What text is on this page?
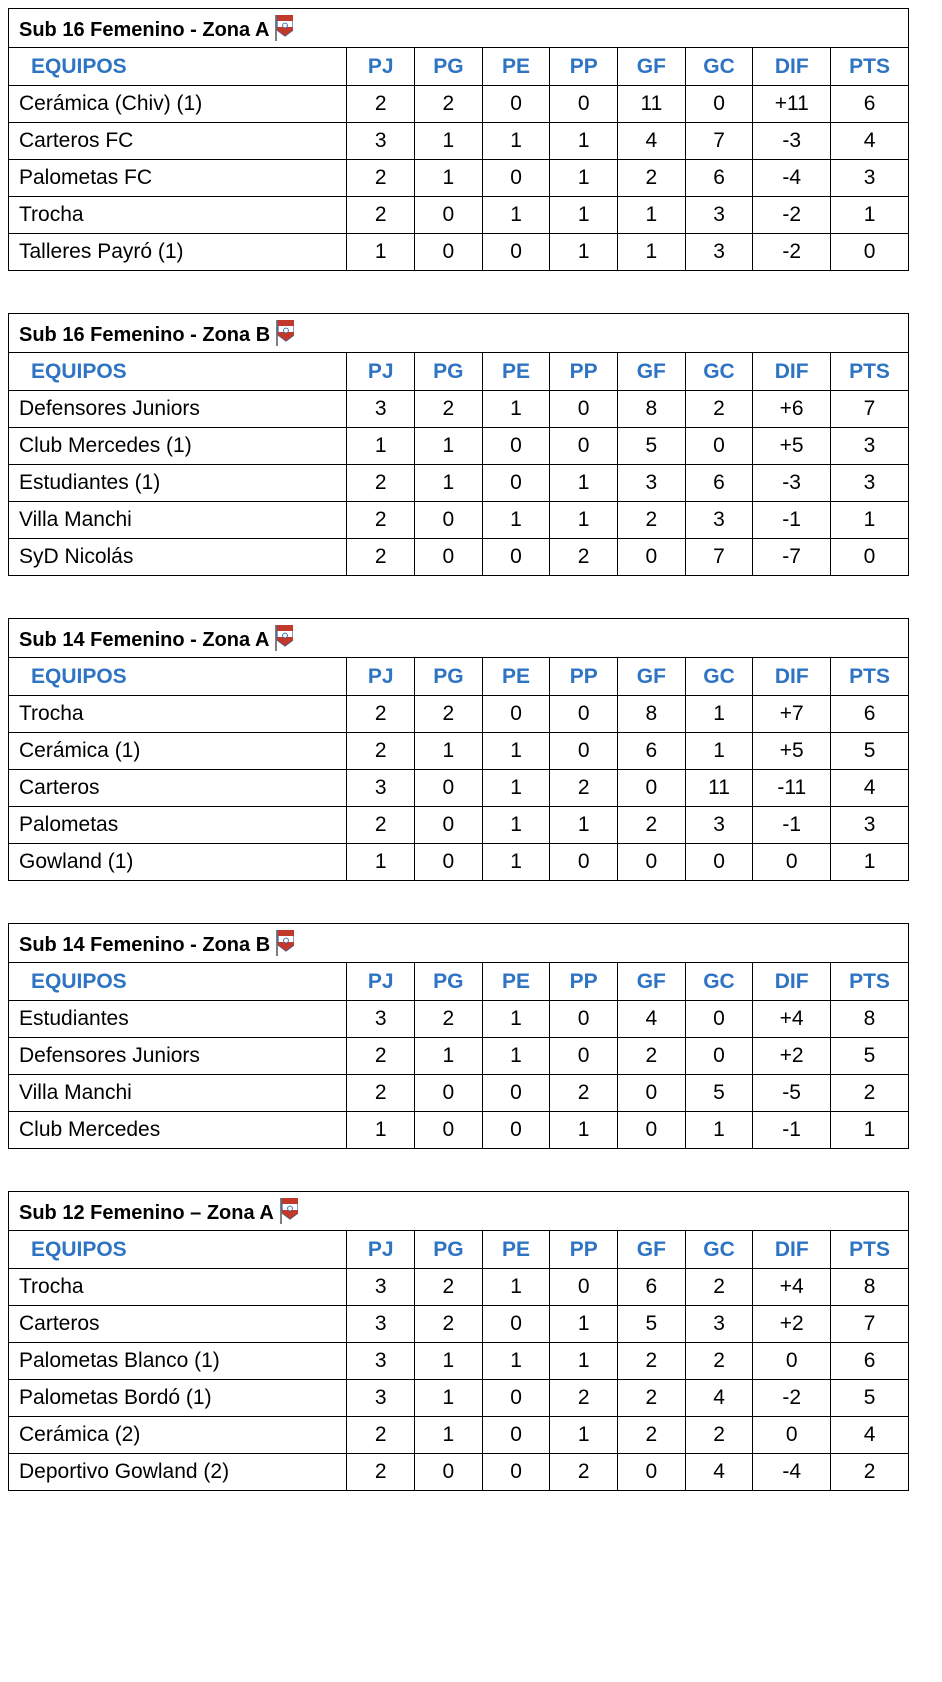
Sub 16 Femenino - Zona A								

EQUIPOS	PJ	PG	PE	PP	GF	GC	DIF	PTS
Cerámica (Chiv) (1)	2	2	0	0	11	0	+11	6
Carteros FC	3	1	1	1	4	7	-3	4
Palometas FC	2	1	0	1	2	6	-4	3
Trocha	2	0	1	1	1	3	-2	1
Talleres Payró (1)	1	0	0	1	1	3	-2	0
Sub 16 Femenino - Zona B								

EQUIPOS	PJ	PG	PE	PP	GF	GC	DIF	PTS
Defensores Juniors	3	2	1	0	8	2	+6	7
Club Mercedes (1)	1	1	0	0	5	0	+5	3
Estudiantes (1)	2	1	0	1	3	6	-3	3
Villa Manchi	2	0	1	1	2	3	-1	1
SyD Nicolás	2	0	0	2	0	7	-7	0
Sub 14 Femenino - Zona A								

EQUIPOS	PJ	PG	PE	PP	GF	GC	DIF	PTS
Trocha	2	2	0	0	8	1	+7	6
Cerámica (1)	2	1	1	0	6	1	+5	5
Carteros	3	0	1	2	0	11	-11	4
Palometas	2	0	1	1	2	3	-1	3
Gowland (1)	1	0	1	0	0	0	0	1
Sub 14 Femenino - Zona B								

EQUIPOS	PJ	PG	PE	PP	GF	GC	DIF	PTS
Estudiantes	3	2	1	0	4	0	+4	8
Defensores Juniors	2	1	1	0	2	0	+2	5
Villa Manchi	2	0	0	2	0	5	-5	2
Club Mercedes	1	0	0	1	0	1	-1	1
Sub 12 Femenino – Zona A								

EQUIPOS	PJ	PG	PE	PP	GF	GC	DIF	PTS
Trocha	3	2	1	0	6	2	+4	8
Carteros	3	2	0	1	5	3	+2	7
Palometas Blanco (1)	3	1	1	1	2	2	0	6
Palometas Bordó (1)	3	1	0	2	2	4	-2	5
Cerámica (2)	2	1	0	1	2	2	0	4
Deportivo Gowland (2)	2	0	0	2	0	4	-4	2
